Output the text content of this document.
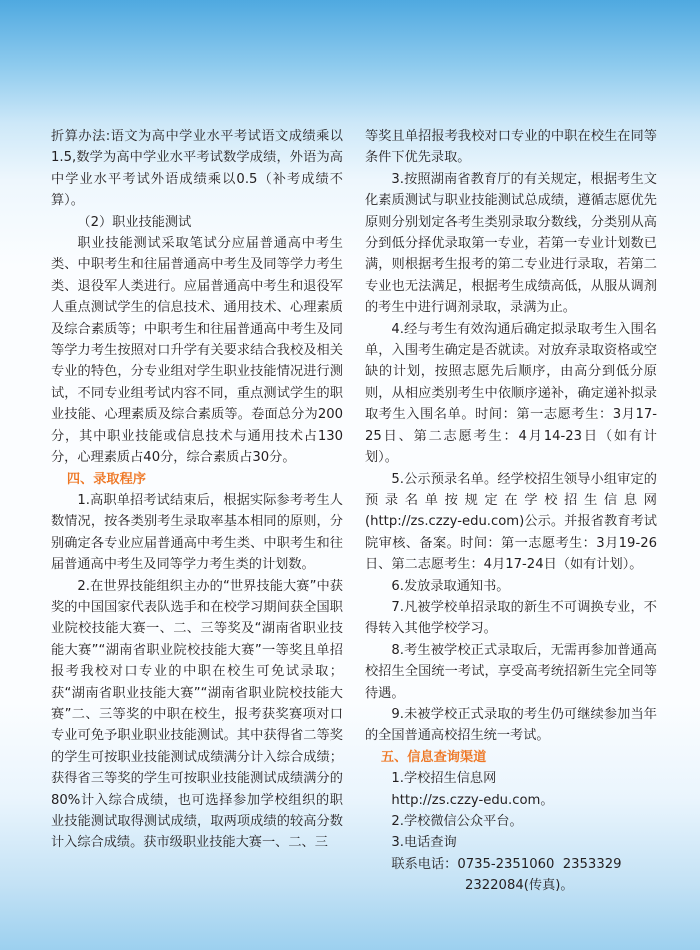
折算办法:语文为高中学业水平考试语文成绩乘以1.5,数学为高中学业水平考试数学成绩，外语为高中学业水平考试外语成绩乘以0.5（补考成绩不算）。

（2）职业技能测试

职业技能测试采取笔试分应届普通高中考生类、中职考生和往届普通高中考生及同等学力考生类、退役军人类进行。应届普通高中考生和退役军人重点测试学生的信息技术、通用技术、心理素质及综合素质等；中职考生和往届普通高中考生及同等学力考生按照对口升学有关要求结合我校及相关专业的特色，分专业组对学生职业技能情况进行测试，不同专业组考试内容不同，重点测试学生的职业技能、心理素质及综合素质等。卷面总分为200分，其中职业技能或信息技术与通用技术占130分，心理素质占40分，综合素质占30分。

四、录取程序

1.高职单招考试结束后，根据实际参考考生人数情况，按各类别考生录取率基本相同的原则，分别确定各专业应届普通高中考生类、中职考生和往届普通高中考生及同等学力考生类的计划数。

2.在世界技能组织主办的“世界技能大赛”中获奖的中国国家代表队选手和在校学习期间获全国职业院校技能大赛一、二、三等奖及“湖南省职业技能大赛”“湖南省职业院校技能大赛”一等奖且单招报考我校对口专业的中职在校生可免试录取；获“湖南省职业技能大赛”“湖南省职业院校技能大赛”二、三等奖的中职在校生，报考获奖赛项对口专业可免予职业职业技能测试。其中获得省二等奖的学生可按职业技能测试成绩满分计入综合成绩；获得省三等奖的学生可按职业技能测试成绩满分的80%计入综合成绩，也可选择参加学校组织的职业技能测试取得测试成绩，取两项成绩的较高分数计入综合成绩。获市级职业技能大赛一、二、三

等奖且单招报考我校对口专业的中职在校生在同等条件下优先录取。

3.按照湖南省教育厅的有关规定，根据考生文化素质测试与职业技能测试总成绩，遵循志愿优先原则分别划定各考生类别录取分数线，分类别从高分到低分择优录取第一专业，若第一专业计划数已满，则根据考生报考的第二专业进行录取，若第二专业也无法满足，根据考生成绩高低，从服从调剂的考生中进行调剂录取，录满为止。

4.经与考生有效沟通后确定拟录取考生入围名单，入围考生确定是否就读。对放弃录取资格或空缺的计划，按照志愿先后顺序，由高分到低分原则，从相应类别考生中依顺序递补，确定递补拟录取考生入围名单。时间：第一志愿考生：3月17-25日、第二志愿考生：4月14-23日（如有计划）。

5.公示预录名单。经学校招生领导小组审定的预录名单按规定在学校招生信息网(http://zs.czzy-edu.com)公示。并报省教育考试院审核、备案。时间：第一志愿考生：3月19-26日、第二志愿考生：4月17-24日（如有计划）。

6.发放录取通知书。

7.凡被学校单招录取的新生不可调换专业，不得转入其他学校学习。

8.考生被学校正式录取后，无需再参加普通高校招生全国统一考试，享受高考统招新生完全同等待遇。

9.未被学校正式录取的考生仍可继续参加当年的全国普通高校招生统一考试。

五、信息查询渠道

1.学校招生信息网

http://zs.czzy-edu.com。

2.学校微信公众平台。

3.电话查询

联系电话：0735-2351060  2353329

2322084(传真)。
